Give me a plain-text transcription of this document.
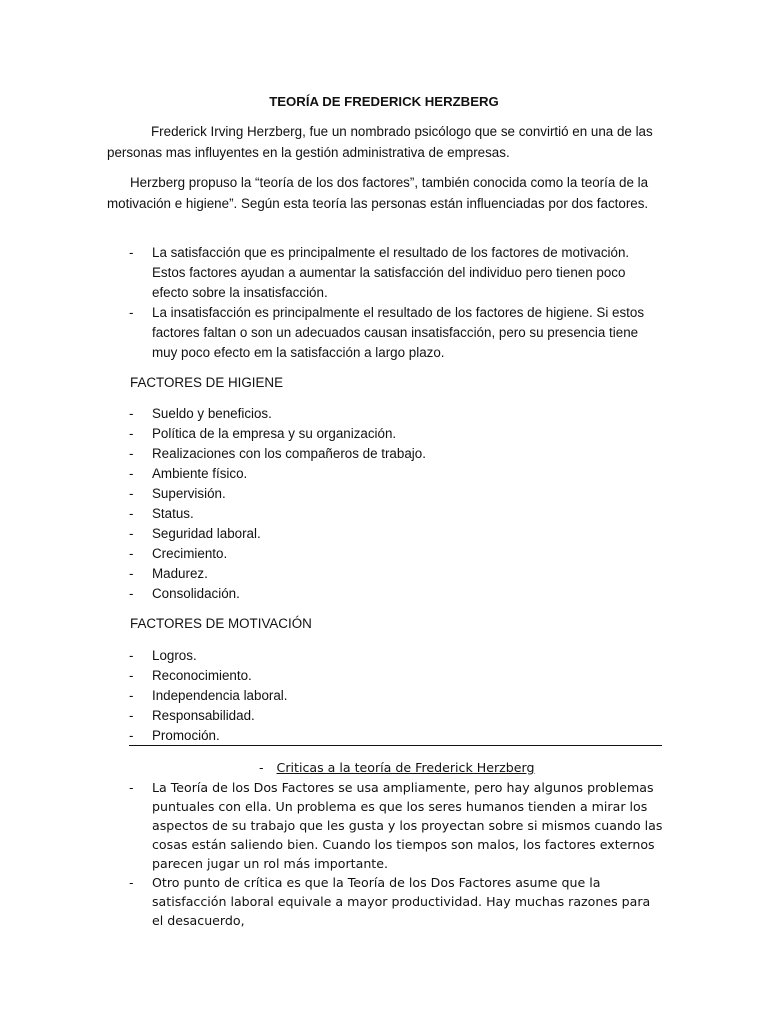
TEORÍA DE FREDERICK HERZBERG
Frederick Irving Herzberg, fue un nombrado psicólogo que se convirtió en una de las personas mas influyentes en la gestión administrativa de empresas.
Herzberg propuso la “teoría de los dos factores”, también conocida como la teoría de la motivación e higiene”. Según esta teoría las personas están influenciadas por dos factores.
- La satisfacción que es principalmente el resultado de los factores de motivación. Estos factores ayudan a aumentar la satisfacción del individuo pero tienen poco efecto sobre la insatisfacción.
- La insatisfacción es principalmente el resultado de los factores de higiene. Si estos factores faltan o son un adecuados causan insatisfacción, pero su presencia tiene muy poco efecto em la satisfacción a largo plazo.
FACTORES DE HIGIENE
- Sueldo y beneficios.
- Política de la empresa y su organización.
- Realizaciones con los compañeros de trabajo.
- Ambiente físico.
- Supervisión.
- Status.
- Seguridad laboral.
- Crecimiento.
- Madurez.
- Consolidación.
FACTORES DE MOTIVACIÓN
- Logros.
- Reconocimiento.
- Independencia laboral.
- Responsabilidad.
- Promoción.
- Criticas a la teoría de Frederick Herzberg
- La Teoría de los Dos Factores se usa ampliamente, pero hay algunos problemas puntuales con ella. Un problema es que los seres humanos tienden a mirar los aspectos de su trabajo que les gusta y los proyectan sobre si mismos cuando las cosas están saliendo bien. Cuando los tiempos son malos, los factores externos parecen jugar un rol más importante.
- Otro punto de crítica es que la Teoría de los Dos Factores asume que la satisfacción laboral equivale a mayor productividad. Hay muchas razones para el desacuerdo,
